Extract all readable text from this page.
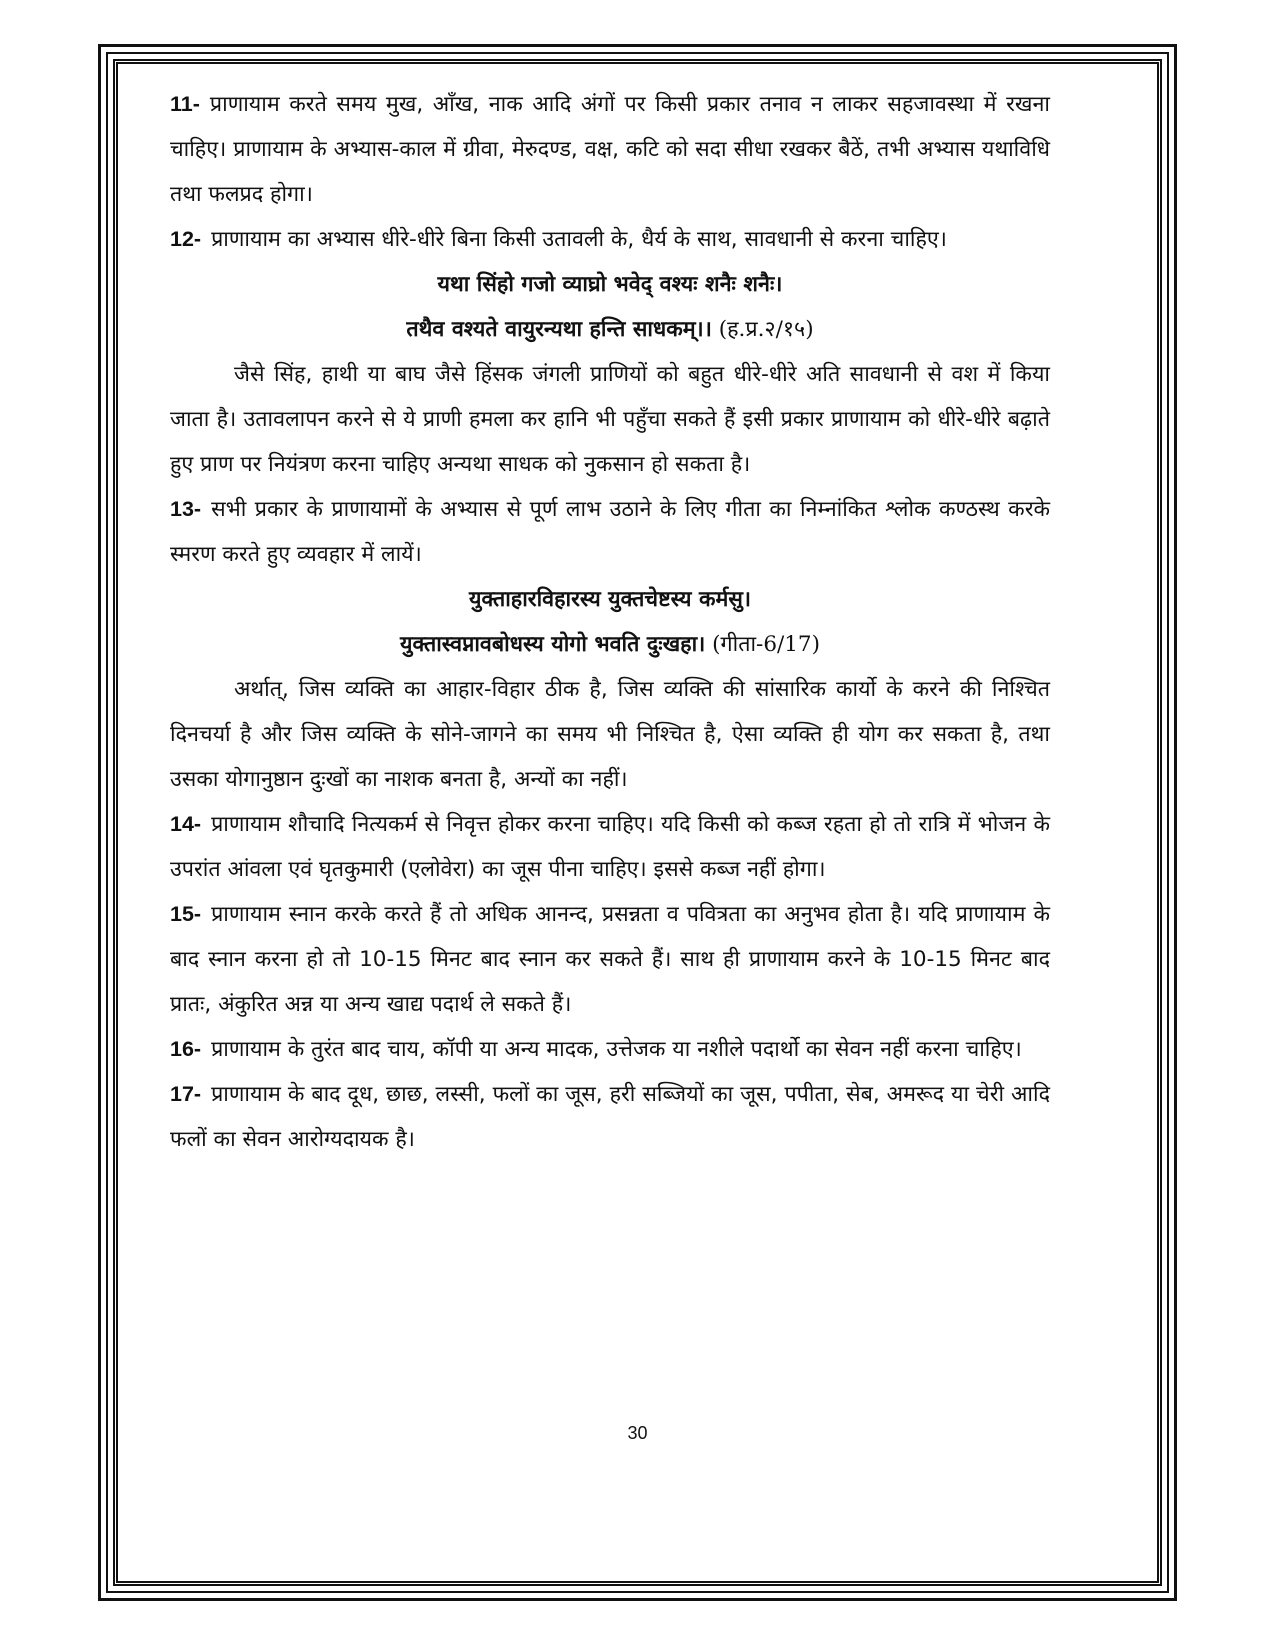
11- प्राणायाम करते समय मुख, आँख, नाक आदि अंगों पर किसी प्रकार तनाव न लाकर सहजावस्था में रखना चाहिए। प्राणायाम के अभ्यास-काल में ग्रीवा, मेरुदण्ड, वक्ष, कटि को सदा सीधा रखकर बैठें, तभी अभ्यास यथाविधि तथा फलप्रद होगा।

12- प्राणायाम का अभ्यास धीरे-धीरे बिना किसी उतावली के, धैर्य के साथ, सावधानी से करना चाहिए।

यथा सिंहो गजो व्याघ्रो भवेद् वश्यः शनैः शनैः।

तथैव वश्यते वायुरन्यथा हन्ति साधकम्।। (ह.प्र.२/१५)

जैसे सिंह, हाथी या बाघ जैसे हिंसक जंगली प्राणियों को बहुत धीरे-धीरे अति सावधानी से वश में किया जाता है। उतावलापन करने से ये प्राणी हमला कर हानि भी पहुँचा सकते हैं इसी प्रकार प्राणायाम को धीरे-धीरे बढ़ाते हुए प्राण पर नियंत्रण करना चाहिए अन्यथा साधक को नुकसान हो सकता है।

13- सभी प्रकार के प्राणायामों के अभ्यास से पूर्ण लाभ उठाने के लिए गीता का निम्नांकित श्लोक कण्ठस्थ करके स्मरण करते हुए व्यवहार में लायें।

युक्ताहारविहारस्य युक्तचेष्टस्य कर्मसु।

युक्तास्वप्नावबोधस्य योगो भवति दुःखहा। (गीता-6/17)

अर्थात्, जिस व्यक्ति का आहार-विहार ठीक है, जिस व्यक्ति की सांसारिक कार्यो के करने की निश्चित दिनचर्या है और जिस व्यक्ति के सोने-जागने का समय भी निश्चित है, ऐसा व्यक्ति ही योग कर सकता है, तथा उसका योगानुष्ठान दुःखों का नाशक बनता है, अन्यों का नहीं।

14- प्राणायाम शौचादि नित्यकर्म से निवृत्त होकर करना चाहिए। यदि किसी को कब्ज रहता हो तो रात्रि में भोजन के उपरांत आंवला एवं घृतकुमारी (एलोवेरा) का जूस पीना चाहिए। इससे कब्ज नहीं होगा।

15- प्राणायाम स्नान करके करते हैं तो अधिक आनन्द, प्रसन्नता व पवित्रता का अनुभव होता है। यदि प्राणायाम के बाद स्नान करना हो तो 10-15 मिनट बाद स्नान कर सकते हैं। साथ ही प्राणायाम करने के 10-15 मिनट बाद प्रातः, अंकुरित अन्न या अन्य खाद्य पदार्थ ले सकते हैं।

16- प्राणायाम के तुरंत बाद चाय, कॉपी या अन्य मादक, उत्तेजक या नशीले पदार्थो का सेवन नहीं करना चाहिए।

17- प्राणायाम के बाद दूध, छाछ, लस्सी, फलों का जूस, हरी सब्जियों का जूस, पपीता, सेब, अमरूद या चेरी आदि फलों का सेवन आरोग्यदायक है।

30
